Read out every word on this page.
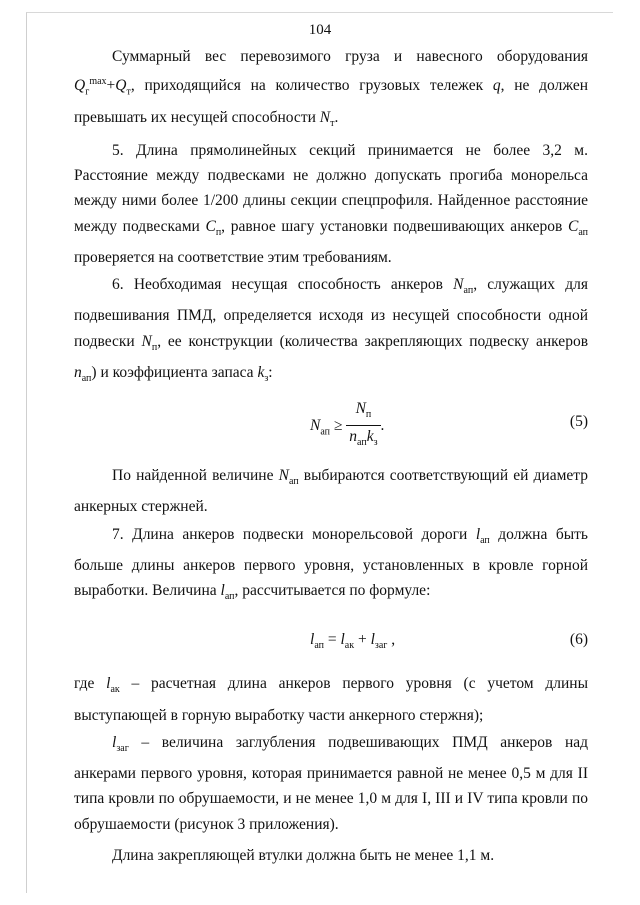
104

Суммарный вес перевозимого груза и навесного оборудования $Q_г^{max}+Q_т$, приходящийся на количество грузовых тележек q, не должен превышать их несущей способности $N_т$.

5. Длина прямолинейных секций принимается не более 3,2 м. Расстояние между подвесками не должно допускать прогиба монорельса между ними более 1/200 длины секции спецпрофиля. Найденное расстояние между подвесками $C_п$, равное шагу установки подвешивающих анкеров $C_{ап}$ проверяется на соответствие этим требованиям.

6. Необходимая несущая способность анкеров $N_{ап}$, служащих для подвешивания ПМД, определяется исходя из несущей способности одной подвески $N_п$, ее конструкции (количества закрепляющих подвеску анкеров $n_{ап}$) и коэффициента запаса $k_з$:

$N_{ап} \ge \frac{N_п}{n_{ап}k_з}$ .	(5)

По найденной величине $N_{ап}$ выбираются соответствующий ей диаметр анкерных стержней.

7. Длина анкеров подвески монорельсовой дороги $l_{ап}$ должна быть больше длины анкеров первого уровня, установленных в кровле горной выработки. Величина $l_{ап}$, рассчитывается по формуле:

$l_{ап} = l_{ак} + l_{заг}$ ,	(6)

где $l_{ак}$ – расчетная длина анкеров первого уровня (с учетом длины выступающей в горную выработку части анкерного стержня);

$l_{заг}$ – величина заглубления подвешивающих ПМД анкеров над анкерами первого уровня, которая принимается равной не менее 0,5 м для II типа кровли по обрушаемости, и не менее 1,0 м для I, III и IV типа кровли по обрушаемости (рисунок 3 приложения).

Длина закрепляющей втулки должна быть не менее 1,1 м.
